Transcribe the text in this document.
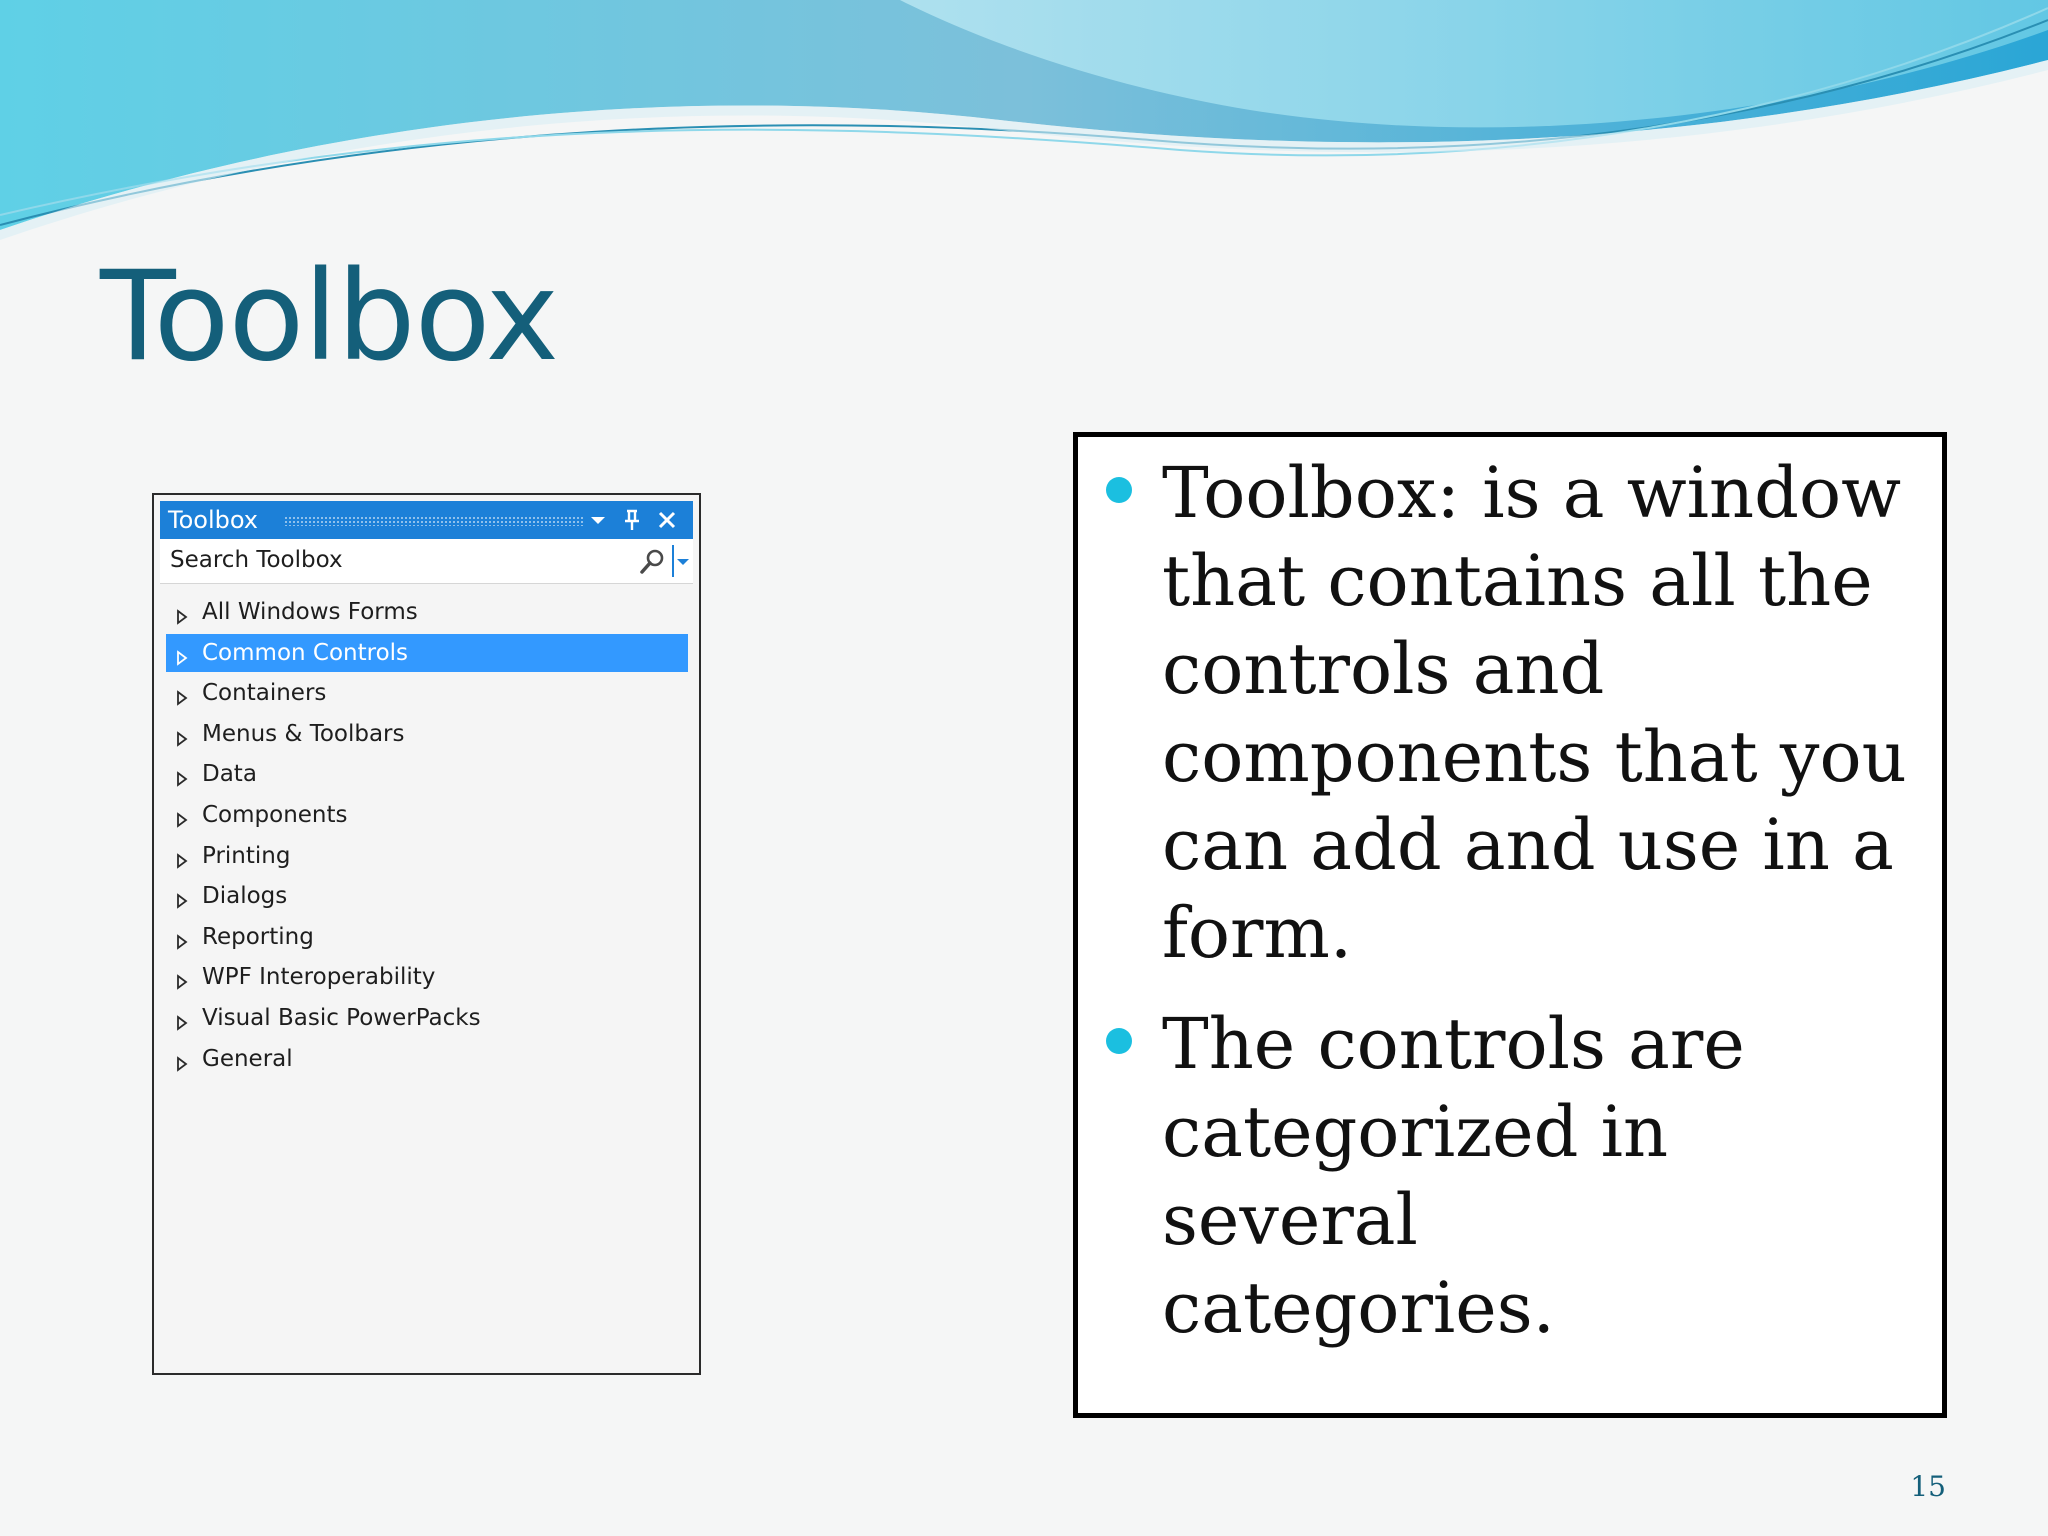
Toolbox
Toolbox
Search Toolbox
All Windows Forms
Common Controls
Containers
Menus & Toolbars
Data
Components
Printing
Dialogs
Reporting
WPF Interoperability
Visual Basic PowerPacks
General
Toolbox: is a window
that contains all the
controls and
components that you
can add and use in a
form.
The controls are
categorized in several
categories.
15
